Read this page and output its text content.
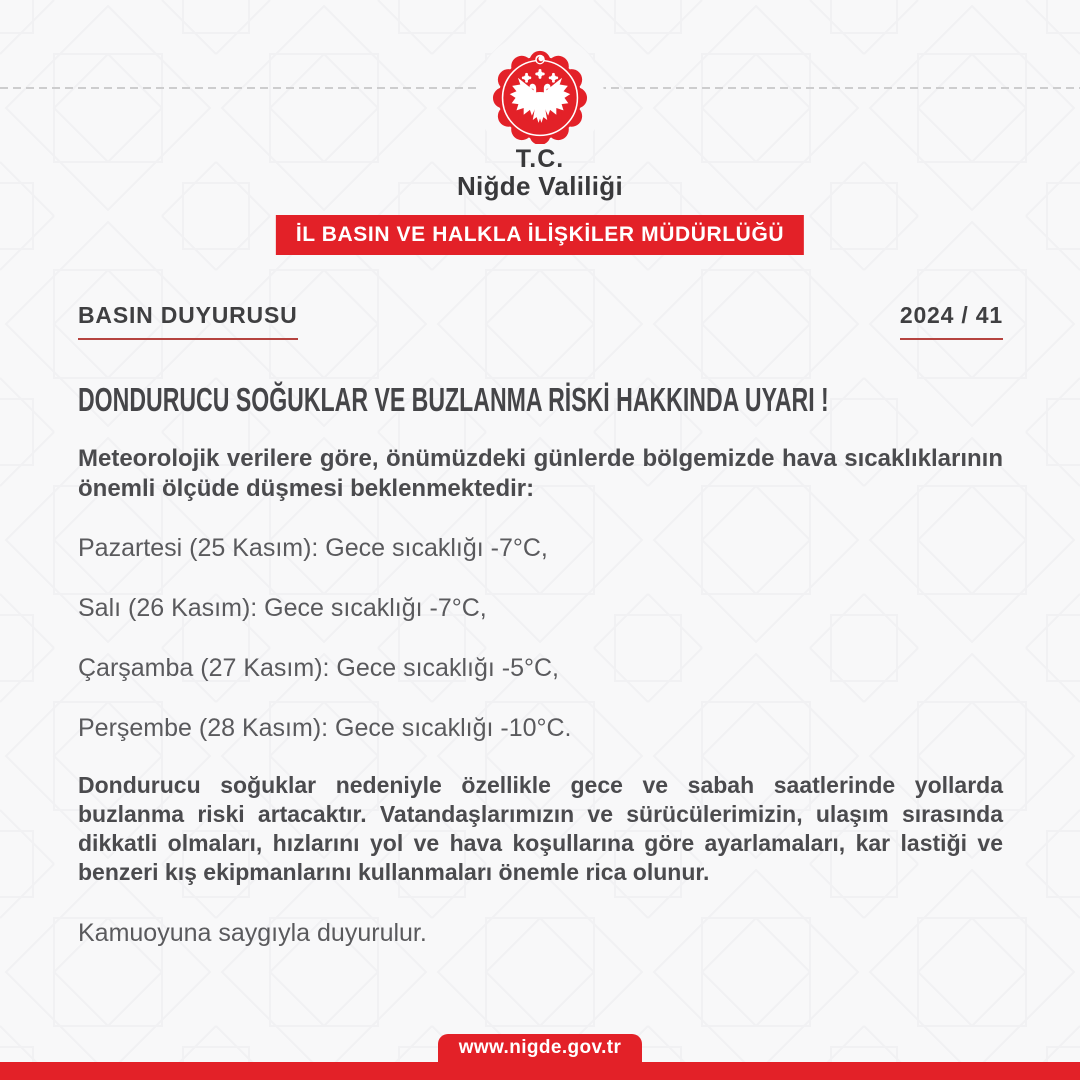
T.C.
Niğde Valiliği
İL BASIN VE HALKLA İLİŞKİLER MÜDÜRLÜĞÜ
BASIN DUYURUSU	2024 / 41
DONDURUCU SOĞUKLAR VE BUZLANMA RİSKİ HAKKINDA UYARI !
Meteorolojik verilere göre, önümüzdeki günlerde bölgemizde hava sıcaklıklarının önemli ölçüde düşmesi beklenmektedir:

Pazartesi (25 Kasım): Gece sıcaklığı -7°C,

Salı (26 Kasım): Gece sıcaklığı -7°C,

Çarşamba (27 Kasım): Gece sıcaklığı -5°C,

Perşembe (28 Kasım): Gece sıcaklığı -10°C.

Dondurucu soğuklar nedeniyle özellikle gece ve sabah saatlerinde yollarda buzlanma riski artacaktır. Vatandaşlarımızın ve sürücülerimizin, ulaşım sırasında dikkatli olmaları, hızlarını yol ve hava koşullarına göre ayarlamaları, kar lastiği ve benzeri kış ekipmanlarını kullanmaları önemle rica olunur.
Kamuoyuna saygıyla duyurulur.
www.nigde.gov.tr
